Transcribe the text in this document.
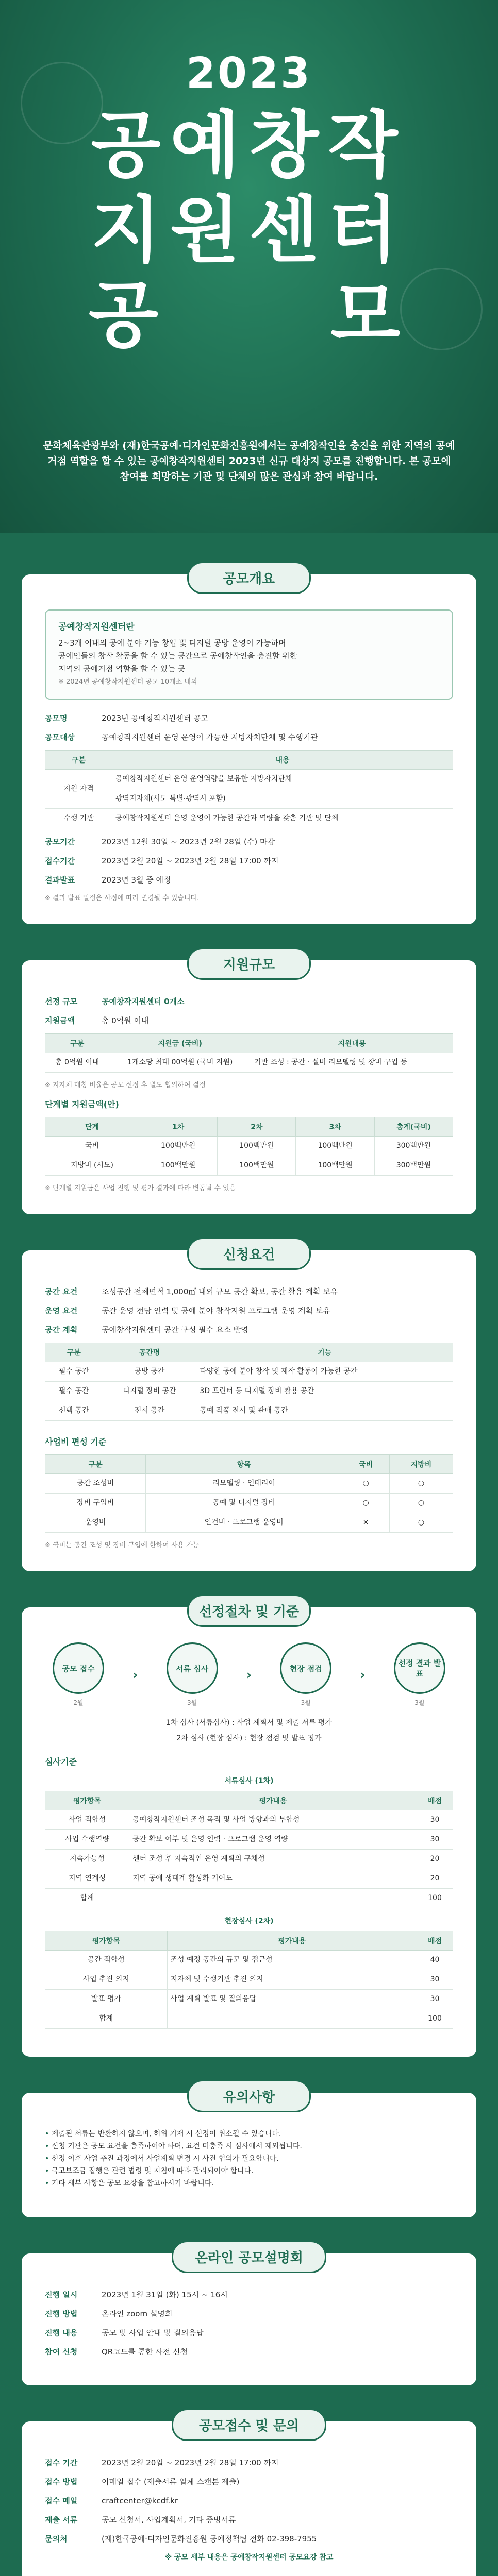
2023
공예창작
지원센터
공　　모
문화체육관광부와 (재)한국공예·디자인문화진흥원에서는 공예창작인을 충진을 위한 지역의 공예거점 역할을 할 수 있는 공예창작지원센터 2023년 신규 대상지 공모를 진행합니다. 본 공모에 참여를 희망하는 기관 및 단체의 많은 관심과 참여 바랍니다.
공모개요
공예창작지원센터란
2~3개 이내의 공예 분야 기능 창업 및 디지털 공방 운영이 가능하며
공예인들의 창작 활동을 할 수 있는 공간으로 공예창작인을 충진할 위한
지역의 공예거점 역할을 할 수 있는 곳
※ 2024년 공예창작지원센터 공모 10개소 내외
공모명	2023년 공예창작지원센터 공모
공모대상	공예창작지원센터 운영 운영이 가능한 지방자치단체 및 수행기관
구분	내용
지원 자격	공예창작지원센터 운영 운영역량을 보유한 지방자치단체
	광역지자체(시도 특별·광역시 포함)
수행 기관	공예창작지원센터 운영 운영이 가능한 공간과 역량을 갖춘 기관 및 단체
공모기간	2023년 12월 30일 ~ 2023년 2월 28일 (수) 마감
접수기간	2023년 2월 20일 ~ 2023년 2월 28일 17:00 까지
결과발표	2023년 3월 중 예정
※ 결과 발표 일정은 사정에 따라 변경될 수 있습니다.
지원규모
선정 규모	공예창작지원센터 0개소
지원금액	총 0억원 이내
구분	지원금 (국비)	지원내용
총 0억원 이내	1개소당 최대 00억원 (국비 지원)	기반 조성 : 공간 · 설비 리모델링 및 장비 구입 등
※ 지자체 매칭 비율은 공모 선정 후 별도 협의하여 결정
단계별 지원금액(안)
단계	1차	2차	3차	총계(국비)
국비	100백만원	100백만원	100백만원	300백만원
지방비 (시도)	100백만원	100백만원	100백만원	300백만원
※ 단계별 지원금은 사업 진행 및 평가 결과에 따라 변동될 수 있음
신청요건
공간 요건	조성공간 전체면적 1,000㎡ 내외 규모 공간 확보, 공간 활용 계획 보유
운영 요건	공간 운영 전담 인력 및 공예 분야 창작지원 프로그램 운영 계획 보유
공간 계획	공예창작지원센터 공간 구성 필수 요소 반영
구분	공간명	기능
필수 공간	공방 공간	다양한 공예 분야 창작 및 제작 활동이 가능한 공간
필수 공간	디지털 장비 공간	3D 프린터 등 디지털 장비 활용 공간
선택 공간	전시 공간	공예 작품 전시 및 판매 공간
사업비 편성 기준
구분	항목	국비	지방비
공간 조성비	리모델링 · 인테리어	○	○
장비 구입비	공예 및 디지털 장비	○	○
운영비	인건비 · 프로그램 운영비	×	○
※ 국비는 공간 조성 및 장비 구입에 한하여 사용 가능
선정절차 및 기준
공모 접수
2월
›	서류 심사
3월
›	현장 점검
3월
›
선정 결과 발표
3월
1차 심사 (서류심사) : 사업 계획서 및 제출 서류 평가
2차 심사 (현장 심사) : 현장 점검 및 발표 평가
심사기준
서류심사 (1차)
평가항목	평가내용	배점
사업 적합성	공예창작지원센터 조성 목적 및 사업 방향과의 부합성	30
사업 수행역량	공간 확보 여부 및 운영 인력 · 프로그램 운영 역량	30
지속가능성	센터 조성 후 지속적인 운영 계획의 구체성	20
지역 연계성	지역 공예 생태계 활성화 기여도	20
합계		100
현장심사 (2차)
평가항목	평가내용	배점
공간 적합성	조성 예정 공간의 규모 및 접근성	40
사업 추진 의지	지자체 및 수행기관 추진 의지	30
발표 평가	사업 계획 발표 및 질의응답	30
합계		100
유의사항
• 제출된 서류는 반환하지 않으며, 허위 기재 시 선정이 취소될 수 있습니다.
• 신청 기관은 공모 요건을 충족하여야 하며, 요건 미충족 시 심사에서 제외됩니다.
• 선정 이후 사업 추진 과정에서 사업계획 변경 시 사전 협의가 필요합니다.
• 국고보조금 집행은 관련 법령 및 지침에 따라 관리되어야 합니다.
• 기타 세부 사항은 공모 요강을 참고하시기 바랍니다.
온라인 공모설명회
진행 일시	2023년 1월 31일 (화) 15시 ~ 16시
진행 방법	온라인 zoom 설명회
진행 내용	공모 및 사업 안내 및 질의응답
참여 신청	QR코드를 통한 사전 신청
공모접수 및 문의
접수 기간	2023년 2월 20일 ~ 2023년 2월 28일 17:00 까지
접수 방법	이메일 접수 (제출서류 일체 스캔본 제출)
접수 메일	craftcenter@kcdf.kr
제출 서류	공모 신청서, 사업계획서, 기타 증빙서류
문의처	(재)한국공예·디자인문화진흥원 공예정책팀 전화 02-398-7955
※ 공모 세부 내용은 공예창작지원센터 공모요강 참고
